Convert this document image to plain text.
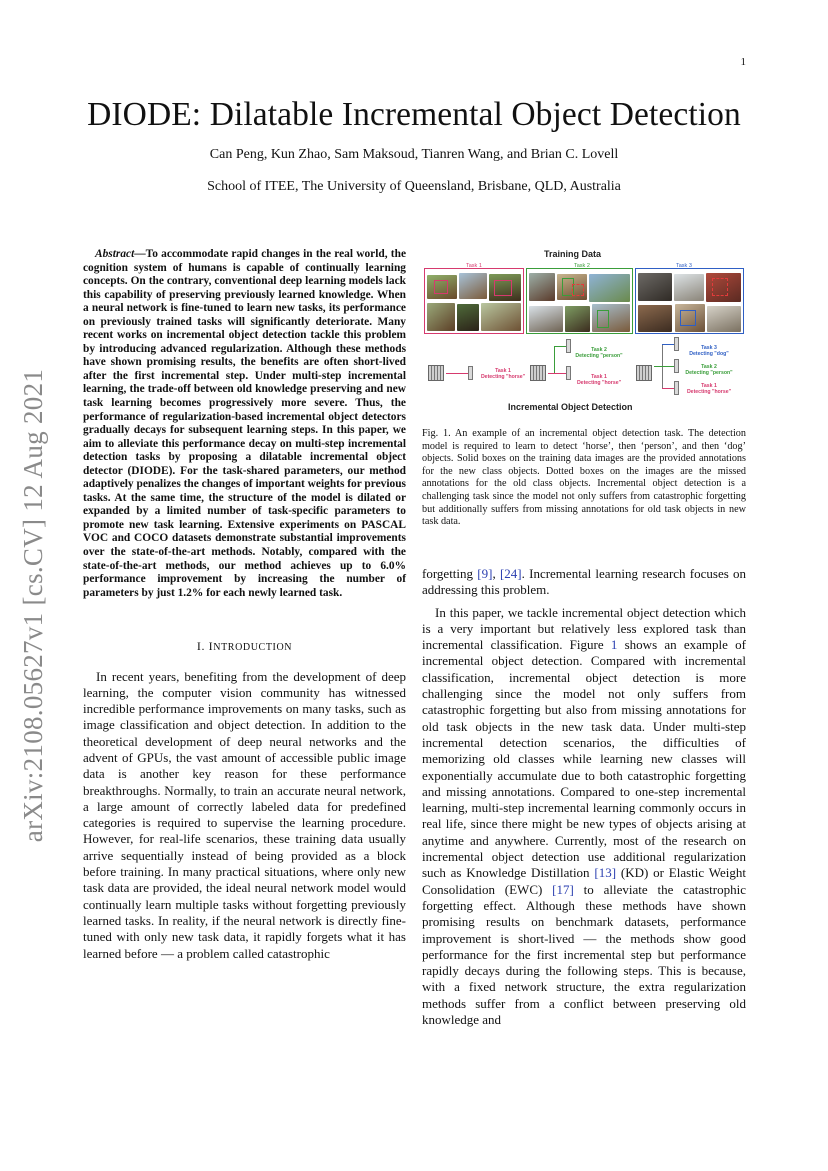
1
arXiv:2108.05627v1 [cs.CV] 12 Aug 2021
DIODE: Dilatable Incremental Object Detection
Can Peng, Kun Zhao, Sam Maksoud, Tianren Wang, and Brian C. Lovell
School of ITEE, The University of Queensland, Brisbane, QLD, Australia

Abstract—To accommodate rapid changes in the real world, the cognition system of humans is capable of continually learning concepts. On the contrary, conventional deep learning models lack this capability of preserving previously learned knowledge. When a neural network is fine-tuned to learn new tasks, its performance on previously trained tasks will significantly deteriorate. Many recent works on incremental object detection tackle this problem by introducing advanced regularization. Although these methods have shown promising results, the benefits are often short-lived after the first incremental step. Under multi-step incremental learning, the trade-off between old knowledge preserving and new task learning becomes progressively more severe. Thus, the performance of regularization-based incremental object detectors gradually decays for subsequent learning steps. In this paper, we aim to alleviate this performance decay on multi-step incremental detection tasks by proposing a dilatable incremental object detector (DIODE). For the task-shared parameters, our method adaptively penalizes the changes of important weights for previous tasks. At the same time, the structure of the model is dilated or expanded by a limited number of task-specific parameters to promote new task learning. Extensive experiments on PASCAL VOC and COCO datasets demonstrate substantial improvements over the state-of-the-art methods. Notably, compared with the state-of-the-art methods, our method achieves up to 6.0% performance improvement by increasing the number of parameters by just 1.2% for each newly learned task.

I. INTRODUCTION

In recent years, benefiting from the development of deep learning, the computer vision community has witnessed incredible performance improvements on many tasks, such as image classification and object detection. In addition to the theoretical development of deep neural networks and the advent of GPUs, the vast amount of accessible public image data is another key reason for these performance breakthroughs. Normally, to train an accurate neural network, a large amount of correctly labeled data for predefined categories is required to supervise the learning procedure. However, for real-life scenarios, these training data usually arrive sequentially instead of being provided as a block before training. In many practical situations, where only new task data are provided, the ideal neural network model would continually learn multiple tasks without forgetting previously learned tasks. In reality, if the neural network is directly fine-tuned with only new task data, it rapidly forgets what it has learned before — a problem called catastrophic

Training Data
Task 1	Task 2	Task 3
Task 1
Detecting "horse"
Task 2
Detecting "person"
Task 1
Detecting "horse"
Task 3
Detecting "dog"
Task 2
Detecting "person"
Task 1
Detecting "horse"
Incremental Object Detection

Fig. 1. An example of an incremental object detection task. The detection model is required to learn to detect ‘horse’, then ‘person’, and then ‘dog’ objects. Solid boxes on the training data images are the provided annotations for the new class objects. Dotted boxes on the images are the missed annotations for the old class objects. Incremental object detection is a challenging task since the model not only suffers from catastrophic forgetting but additionally suffers from missing annotations for old task objects in new task data.

forgetting [9], [24]. Incremental learning research focuses on addressing this problem.

In this paper, we tackle incremental object detection which is a very important but relatively less explored task than incremental classification. Figure 1 shows an example of incremental object detection. Compared with incremental classification, incremental object detection is more challenging since the model not only suffers from catastrophic forgetting but also from missing annotations for old task objects in the new task data. Under multi-step incremental detection scenarios, the difficulties of memorizing old classes while learning new classes will exponentially accumulate due to both catastrophic forgetting and missing annotations. Compared to one-step incremental learning, multi-step incremental learning commonly occurs in real life, since there might be new types of objects arising at anytime and anywhere. Currently, most of the research on incremental object detection use additional regularization such as Knowledge Distillation [13] (KD) or Elastic Weight Consolidation (EWC) [17] to alleviate the catastrophic forgetting effect. Although these methods have shown promising results on benchmark datasets, performance improvement is short-lived — the methods show good performance for the first incremental step but performance rapidly decays during the following steps. This is because, with a fixed network structure, the extra regularization methods suffer from a conflict between preserving old knowledge and
